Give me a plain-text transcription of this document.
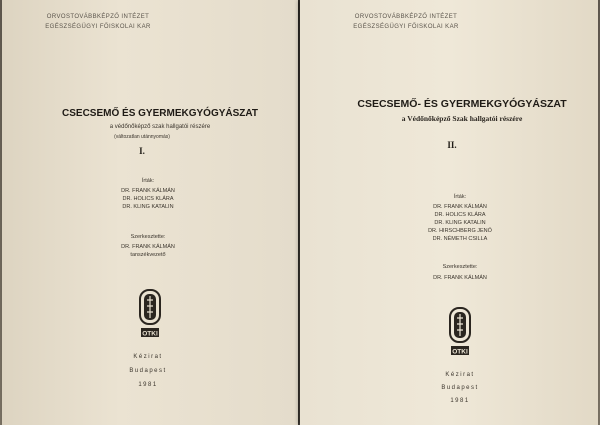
ORVOSTOVÁBBKÉPZŐ INTÉZET
EGÉSZSÉGÜGYI FŐISKOLAI KAR
CSECSEMŐ ÉS GYERMEKGYÓGYÁSZAT
a védőnőképző szak hallgatói részére
(változatlan utánnyomás)
I.
Írták:
DR. FRANK KÁLMÁN
DR. HOLICS KLÁRA
DR. KLING KATALIN
Szerkesztette:
DR. FRANK KÁLMÁN
tanszékvezető
OTKI
Kézirat
Budapest
1981
ORVOSTOVÁBBKÉPZŐ INTÉZET
EGÉSZSÉGÜGYI FŐISKOLAI KAR
CSECSEMŐ- ÉS GYERMEKGYÓGYÁSZAT
a Védőnőképző Szak hallgatói részére
II.
Írták:
DR. FRANK KÁLMÁN
DR. HOLICS KLÁRA
DR. KLING KATALIN
DR. HIRSCHBERG JENŐ
DR. NÉMETH CSILLA
Szerkesztette:
DR. FRANK KÁLMÁN
OTKI
Kézirat
Budapest
1981
